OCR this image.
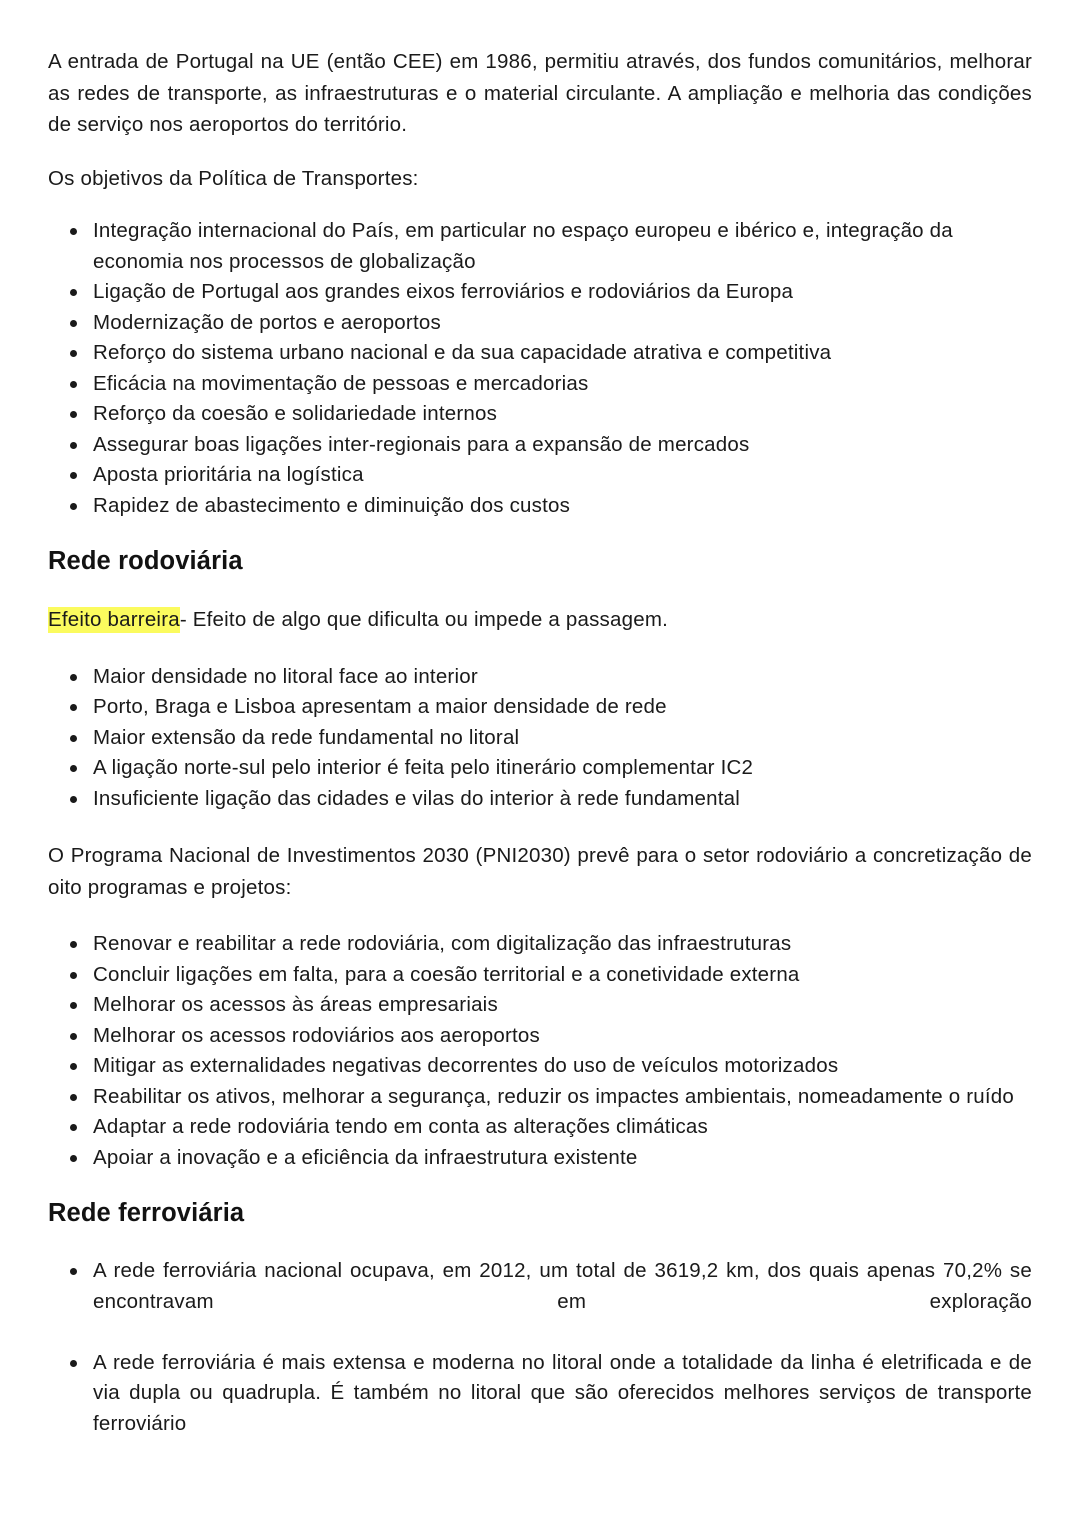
A entrada de Portugal na UE (então CEE) em 1986, permitiu através, dos fundos comunitários, melhorar as redes de transporte, as infraestruturas e o material circulante. A ampliação e melhoria das condições de serviço nos aeroportos do território.

Os objetivos da Política de Transportes:

Integração internacional do País, em particular no espaço europeu e ibérico e, integração da economia nos processos de globalização
Ligação de Portugal aos grandes eixos ferroviários e rodoviários da Europa
Modernização de portos e aeroportos
Reforço do sistema urbano nacional e da sua capacidade atrativa e competitiva
Eficácia na movimentação de pessoas e mercadorias
Reforço da coesão e solidariedade internos
Assegurar boas ligações inter-regionais para a expansão de mercados
Aposta prioritária na logística
Rapidez de abastecimento e diminuição dos custos
Rede rodoviária

Efeito barreira- Efeito de algo que dificulta ou impede a passagem.

Maior densidade no litoral face ao interior
Porto, Braga e Lisboa apresentam a maior densidade de rede
Maior extensão da rede fundamental no litoral
A ligação norte-sul pelo interior é feita pelo itinerário complementar IC2
Insuficiente ligação das cidades e vilas do interior à rede fundamental

O Programa Nacional de Investimentos 2030 (PNI2030) prevê para o setor rodoviário a concretização de oito programas e projetos:

Renovar e reabilitar a rede rodoviária, com digitalização das infraestruturas
Concluir ligações em falta, para a coesão territorial e a conetividade externa
Melhorar os acessos às áreas empresariais
Melhorar os acessos rodoviários aos aeroportos
Mitigar as externalidades negativas decorrentes do uso de veículos motorizados
Reabilitar os ativos, melhorar a segurança, reduzir os impactes ambientais, nomeadamente o ruído
Adaptar a rede rodoviária tendo em conta as alterações climáticas
Apoiar a inovação e a eficiência da infraestrutura existente
Rede ferroviária
A rede ferroviária nacional ocupava, em 2012, um total de 3619,2 km, dos quais apenas 70,2% se encontravam em exploração
A rede ferroviária é mais extensa e moderna no litoral onde a totalidade da linha é eletrificada e de via dupla ou quadrupla. É também no litoral que são oferecidos melhores serviços de transporte ferroviário
